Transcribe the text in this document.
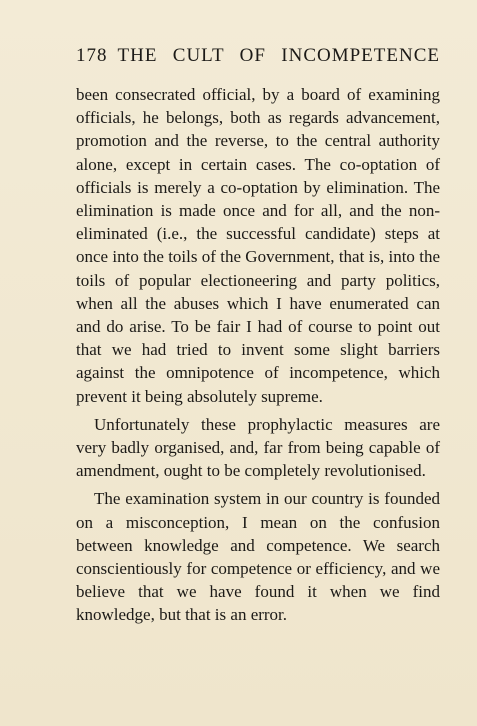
178 THE CULT OF INCOMPETENCE

been consecrated official, by a board of examining officials, he belongs, both as regards advancement, promotion and the reverse, to the central authority alone, except in certain cases. The co-optation of officials is merely a co-optation by elimination. The elimination is made once and for all, and the non-eliminated (i.e., the successful candidate) steps at once into the toils of the Government, that is, into the toils of popular electioneering and party politics, when all the abuses which I have enumerated can and do arise. To be fair I had of course to point out that we had tried to invent some slight barriers against the omnipotence of incompetence, which prevent it being absolutely supreme.

Unfortunately these prophylactic measures are very badly organised, and, far from being capable of amendment, ought to be completely revolutionised.

The examination system in our country is founded on a misconception, I mean on the confusion between knowledge and competence. We search conscientiously for competence or efficiency, and we believe that we have found it when we find knowledge, but that is an error.
